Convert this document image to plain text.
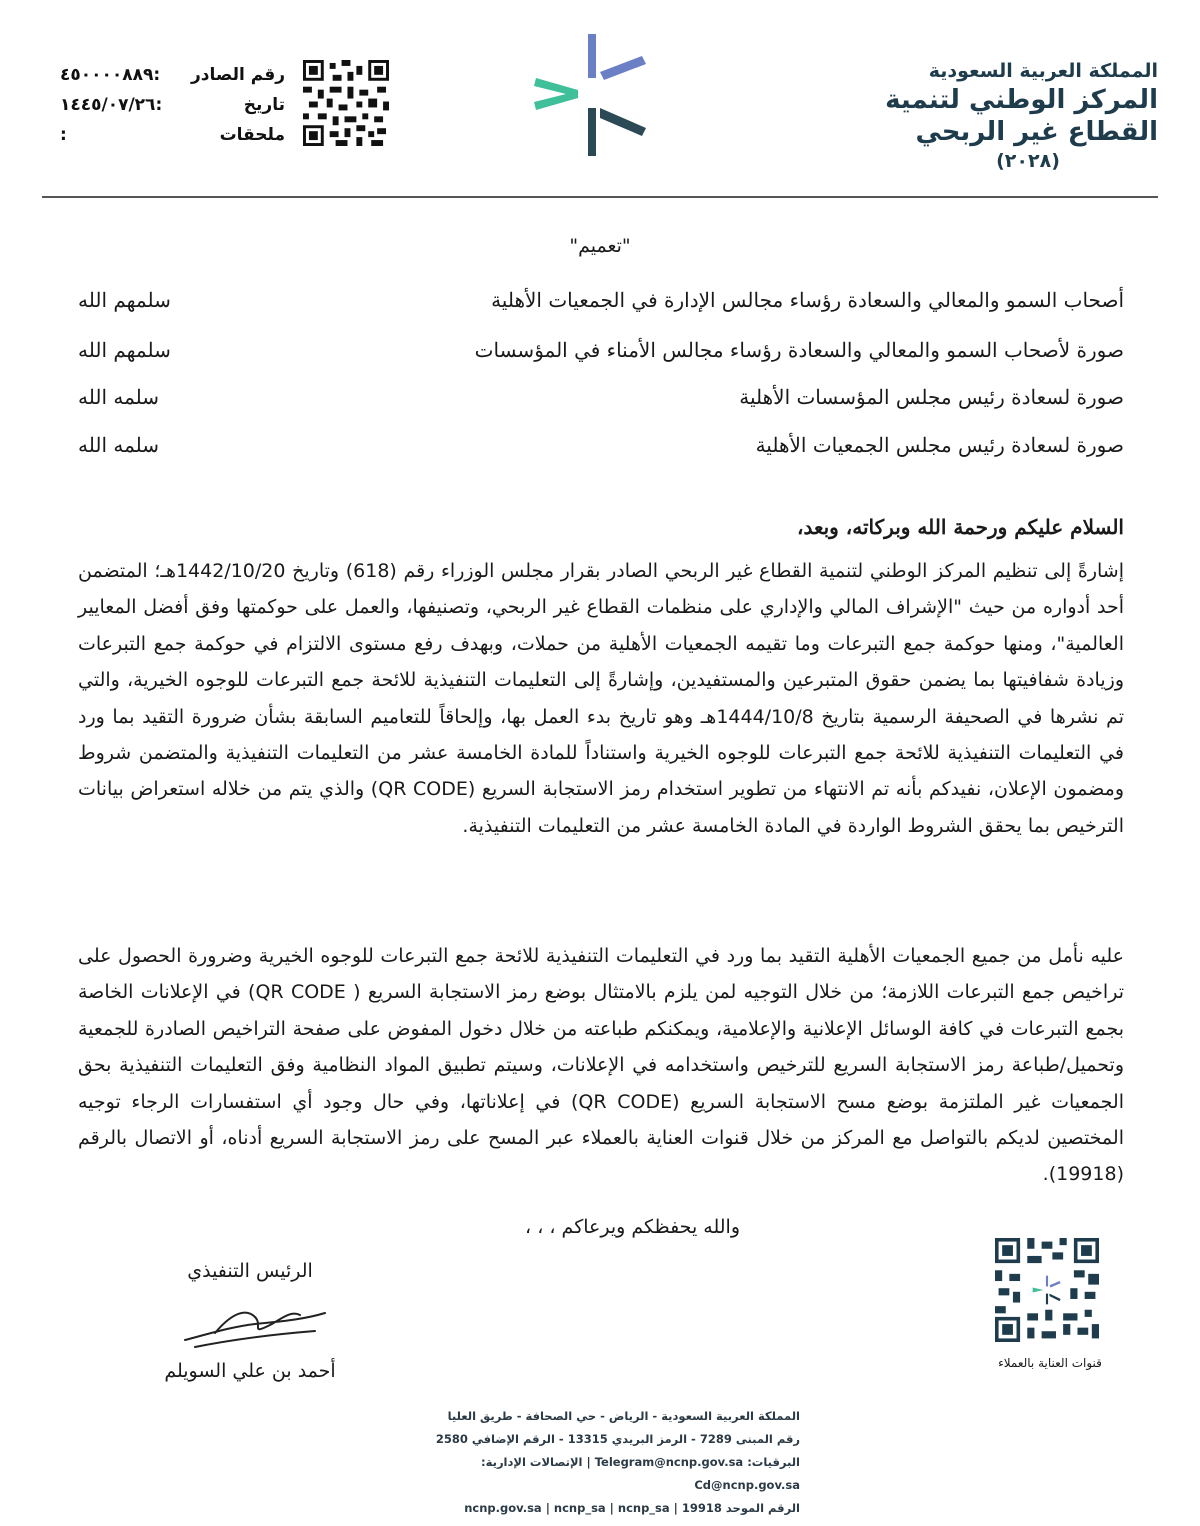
المملكة العربية السعودية
المركز الوطني لتنمية
القطاع غير الربحي
(٢٠٢٨)
رقم الصادر
:٤٥٠٠٠٠٨٨٩
تاريخ
:١٤٤٥/٠٧/٢٦
ملحقات
:
"تعميم"
أصحاب السمو والمعالي والسعادة رؤساء مجالس الإدارة في الجمعيات الأهلية
سلمهم الله
صورة لأصحاب السمو والمعالي والسعادة رؤساء مجالس الأمناء في المؤسسات
سلمهم الله
صورة لسعادة رئيس مجلس المؤسسات الأهلية
سلمه الله
صورة لسعادة رئيس مجلس الجمعيات الأهلية
سلمه الله
السلام عليكم ورحمة الله وبركاته، وبعد،
إشارةً إلى تنظيم المركز الوطني لتنمية القطاع غير الربحي الصادر بقرار مجلس الوزراء رقم (618) وتاريخ 1442/10/20هـ؛ المتضمن أحد أدواره من حيث "الإشراف المالي والإداري على منظمات القطاع غير الربحي، وتصنيفها، والعمل على حوكمتها وفق أفضل المعايير العالمية"، ومنها حوكمة جمع التبرعات وما تقيمه الجمعيات الأهلية من حملات، وبهدف رفع مستوى الالتزام في حوكمة جمع التبرعات وزيادة شفافيتها بما يضمن حقوق المتبرعين والمستفيدين، وإشارةً إلى التعليمات التنفيذية للائحة جمع التبرعات للوجوه الخيرية، والتي تم نشرها في الصحيفة الرسمية بتاريخ 1444/10/8هـ وهو تاريخ بدء العمل بها، وإلحاقاً للتعاميم السابقة بشأن ضرورة التقيد بما ورد في التعليمات التنفيذية للائحة جمع التبرعات للوجوه الخيرية واستناداً للمادة الخامسة عشر من التعليمات التنفيذية والمتضمن شروط ومضمون الإعلان، نفيدكم بأنه تم الانتهاء من تطوير استخدام رمز الاستجابة السريع (QR CODE) والذي يتم من خلاله استعراض بيانات الترخيص بما يحقق الشروط الواردة في المادة الخامسة عشر من التعليمات التنفيذية.
عليه نأمل من جميع الجمعيات الأهلية التقيد بما ورد في التعليمات التنفيذية للائحة جمع التبرعات للوجوه الخيرية وضرورة الحصول على تراخيص جمع التبرعات اللازمة؛ من خلال التوجيه لمن يلزم بالامتثال بوضع رمز الاستجابة السريع ( QR CODE) في الإعلانات الخاصة بجمع التبرعات في كافة الوسائل الإعلانية والإعلامية، ويمكنكم طباعته من خلال دخول المفوض على صفحة التراخيص الصادرة للجمعية وتحميل/طباعة رمز الاستجابة السريع للترخيص واستخدامه في الإعلانات، وسيتم تطبيق المواد النظامية وفق التعليمات التنفيذية بحق الجمعيات غير الملتزمة بوضع مسح الاستجابة السريع (QR CODE) في إعلاناتها، وفي حال وجود أي استفسارات الرجاء توجيه المختصين لديكم بالتواصل مع المركز من خلال قنوات العناية بالعملاء عبر المسح على رمز الاستجابة السريع أدناه، أو الاتصال بالرقم (19918).
والله يحفظكم ويرعاكم ، ، ،
الرئيس التنفيذي
أحمد بن علي السويلم	قنوات العناية بالعملاء
المملكة العربية السعودية - الرياض - حي الصحافة - طريق العليا
رقم المبنى 7289 - الرمز البريدي 13315 - الرقم الإضافي 2580
البرقيات: Telegram@ncnp.gov.sa | الإتصالات الإدارية: Cd@ncnp.gov.sa
الرقم الموحد 19918 | ncnp.gov.sa | ncnp_sa | ncnp_sa
